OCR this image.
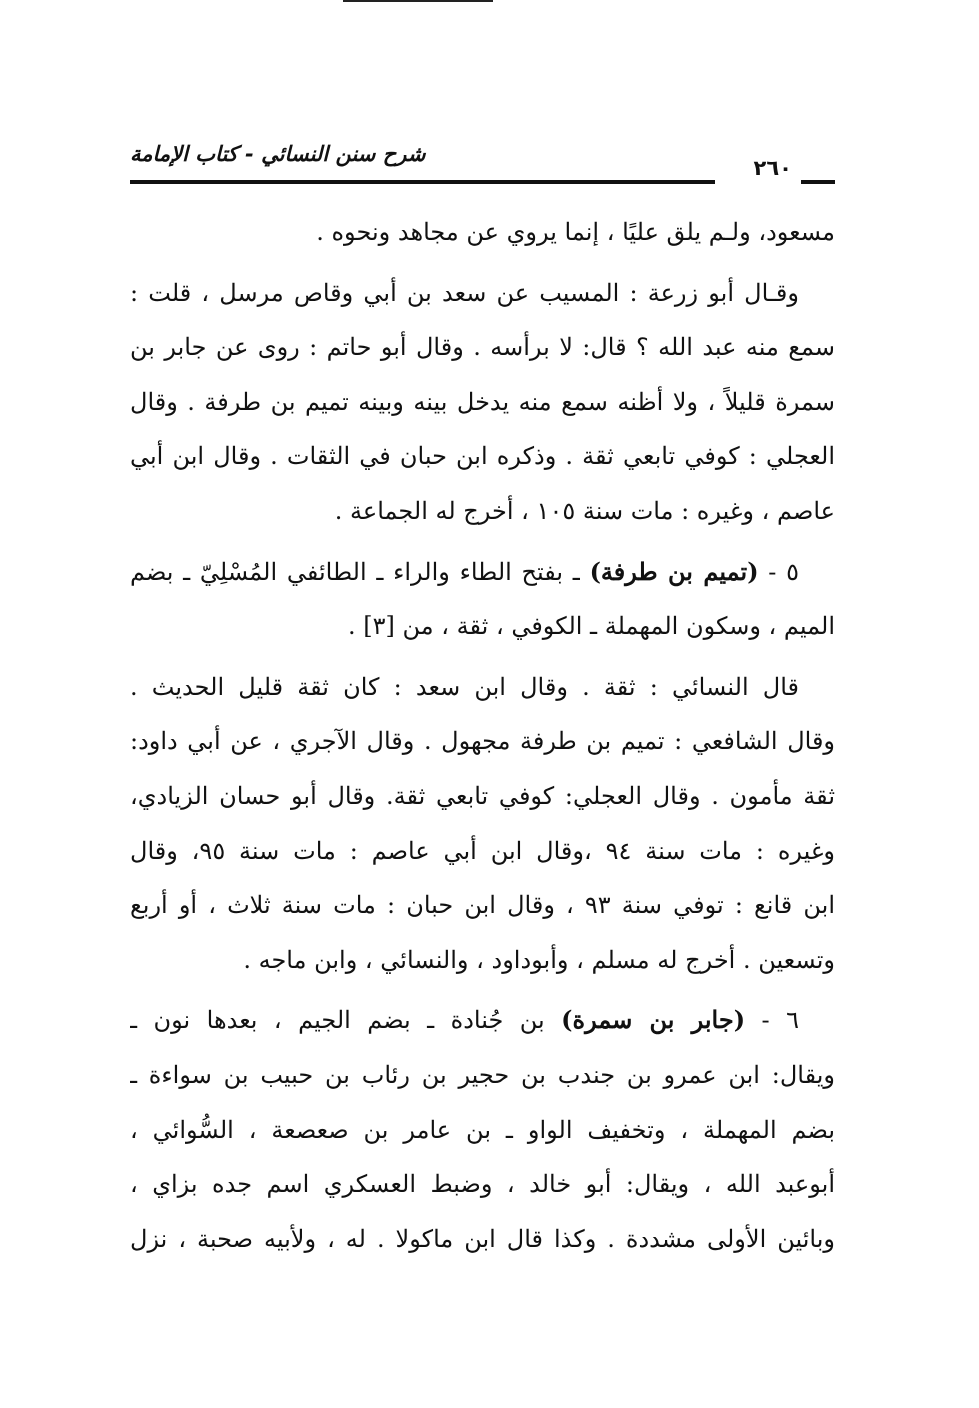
شرح سنن النسائي - كتاب الإمامة
٢٦٠
مسعود، ولـم يلق عليًا ، إنما يروي عن مجاهد ونحوه .
وقـال أبو زرعة : المسيب عن سعد بن أبي وقاص مرسل ، قلت :
سمع منه عبد الله ؟ قال: لا برأسه . وقال أبو حاتم : روى عن جابر بن
سمرة قليلاً ، ولا أظنه سمع منه يدخل بينه وبينه تميم بن طرفة . وقال
العجلي : كوفي تابعي ثقة . وذكره ابن حبان في الثقات . وقال ابن أبي
عاصم ، وغيره : مات سنة ١٠٥ ، أخرج له الجماعة .
٥ - (تميم بن طرفة) ـ بفتح الطاء والراء ـ الطائفي المُسْلِيّ ـ بضم
الميم ، وسكون المهملة ـ الكوفي ، ثقة ، من [٣] .
قال النسائي : ثقة . وقال ابن سعد : كان ثقة قليل الحديث .
وقال الشافعي : تميم بن طرفة مجهول . وقال الآجري ، عن أبي داود:
ثقة مأمون . وقال العجلي: كوفي تابعي ثقة. وقال أبو حسان الزيادي،
وغيره : مات سنة ٩٤ ،وقال ابن أبي عاصم : مات سنة ٩٥، وقال
ابن قانع : توفي سنة ٩٣ ، وقال ابن حبان : مات سنة ثلاث ، أو أربع
وتسعين . أخرج له مسلم ، وأبوداود ، والنسائي ، وابن ماجه .
٦ - (جابر بن سمرة) بن جُنادة ـ بضم الجيم ، بعدها نون ـ
ويقال: ابن عمرو بن جندب بن حجير بن رئاب بن حبيب بن سواءة ـ
بضم المهملة ، وتخفيف الواو ـ بن عامر بن صعصعة ، السُّوائي ،
أبوعبد الله ، ويقال: أبو خالد ، وضبط العسكري اسم جده بزاي ،
وبائين الأولى مشددة . وكذا قال ابن ماكولا . له ، ولأبيه صحبة ، نزل
